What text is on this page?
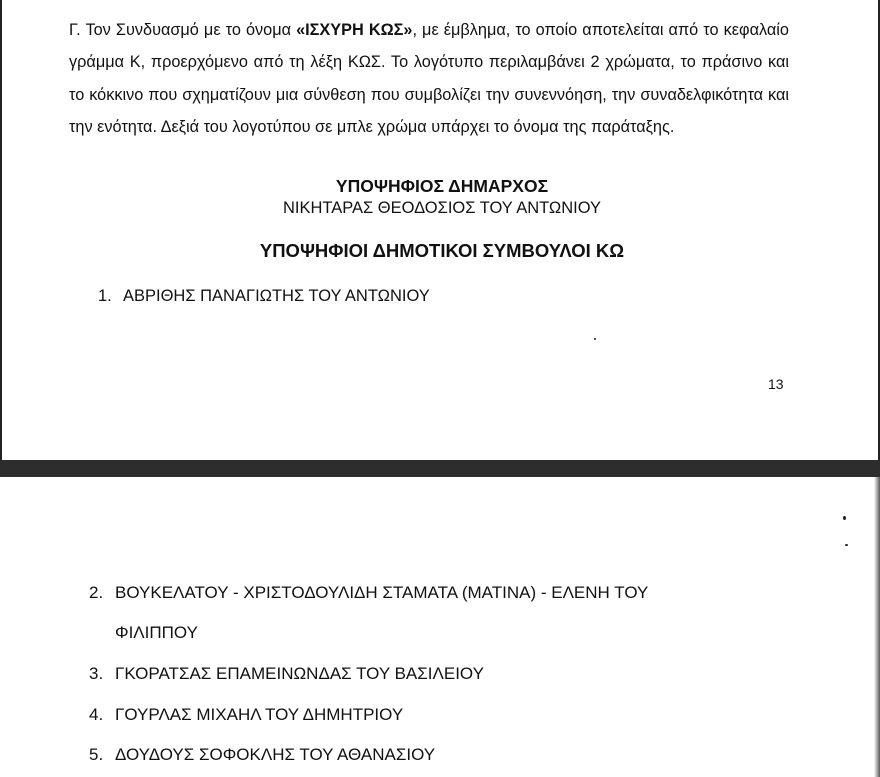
Γ. Τον Συνδυασμό με το όνομα «ΙΣΧΥΡΗ ΚΩΣ», με έμβλημα, το οποίο αποτελείται από το κεφαλαίο γράμμα Κ, προερχόμενο από τη λέξη ΚΩΣ. Το λογότυπο περιλαμβάνει 2 χρώματα, το πράσινο και το κόκκινο που σχηματίζουν μια σύνθεση που συμβολίζει την συνεννόηση, την συναδελφικότητα και την ενότητα. Δεξιά του λογοτύπου σε μπλε χρώμα υπάρχει το όνομα της παράταξης.
ΥΠΟΨΗΦΙΟΣ ΔΗΜΑΡΧΟΣ
ΝΙΚΗΤΑΡΑΣ ΘΕΟΔΟΣΙΟΣ ΤΟΥ ΑΝΤΩΝΙΟΥ
ΥΠΟΨΗΦΙΟΙ ΔΗΜΟΤΙΚΟΙ ΣΥΜΒΟΥΛΟΙ ΚΩ
1. ΑΒΡΙΘΗΣ ΠΑΝΑΓΙΩΤΗΣ ΤΟΥ ΑΝΤΩΝΙΟΥ
13
2. ΒΟΥΚΕΛΑΤΟΥ - ΧΡΙΣΤΟΔΟΥΛΙΔΗ ΣΤΑΜΑΤΑ (ΜΑΤΙΝΑ) - ΕΛΕΝΗ ΤΟΥ
ΦΙΛΙΠΠΟΥ
3. ΓΚΟΡΑΤΣΑΣ ΕΠΑΜΕΙΝΩΝΔΑΣ ΤΟΥ ΒΑΣΙΛΕΙΟΥ
4. ΓΟΥΡΛΑΣ ΜΙΧΑΗΛ ΤΟΥ ΔΗΜΗΤΡΙΟΥ
5. ΔΟΥΔΟΥΣ ΣΟΦΟΚΛΗΣ ΤΟΥ ΑΘΑΝΑΣΙΟΥ
